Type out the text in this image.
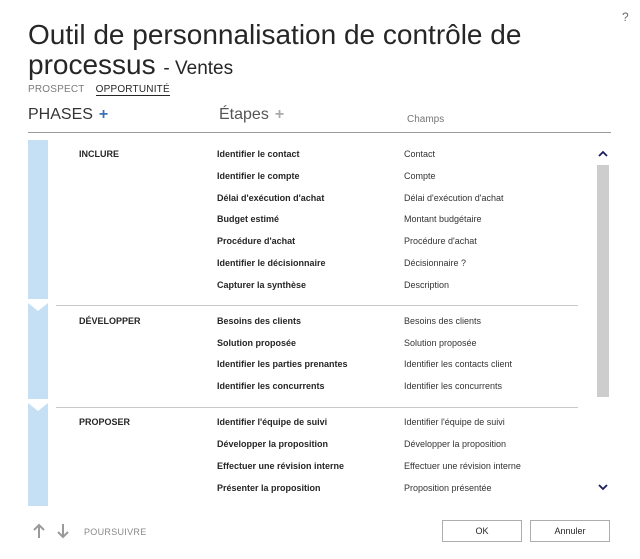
?
Outil de personnalisation de contrôle de processus - Ventes
PROSPECT OPPORTUNITÉ
PHASES +	Étapes +	Champs
INCLURE	Identifier le contact	Contact
Identifier le compte	Compte
Délai d'exécution d'achat	Délai d'exécution d'achat
Budget estimé	Montant budgétaire
Procédure d'achat	Procédure d'achat
Identifier le décisionnaire	Décisionnaire ?
Capturer la synthèse	Description
DÉVELOPPER	Besoins des clients	Besoins des clients
Solution proposée	Solution proposée
Identifier les parties prenantes	Identifier les contacts client
Identifier les concurrents	Identifier les concurrents
PROPOSER	Identifier l'équipe de suivi	Identifier l'équipe de suivi
Développer la proposition	Développer la proposition
Effectuer une révision interne	Effectuer une révision interne
Présenter la proposition	Proposition présentée
POURSUIVRE	OK	Annuler
